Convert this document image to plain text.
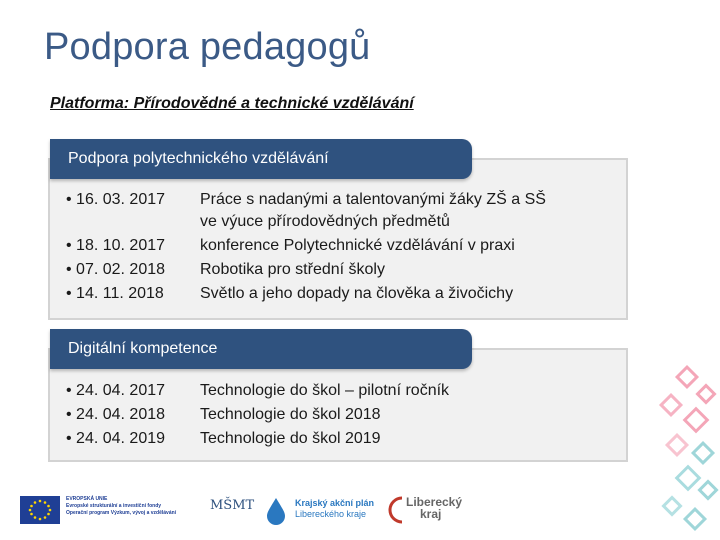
Podpora pedagogů
Platforma: Přírodovědné a technické vzdělávání
Podpora polytechnického vzdělávání
• 16. 03. 2017 Práce s nadanými a talentovanými žáky ZŠ a SŠ
ve výuce přírodovědných předmětů
• 18. 10. 2017 konference Polytechnické vzdělávání v praxi
• 07. 02. 2018 Robotika pro střední školy
• 14. 11. 2018 Světlo a jeho dopady na člověka a živočichy
Digitální kompetence
• 24. 04. 2017 Technologie do škol – pilotní ročník
• 24. 04. 2018 Technologie do škol 2018
• 24. 04. 2019 Technologie do škol 2019
EVROPSKÁ UNIE
Evropské strukturální a investiční fondy
Operační program Výzkum, vývoj a vzdělávání	MŠMT	Krajský akční plán
Libereckého kraje
Liberecký
kraj
